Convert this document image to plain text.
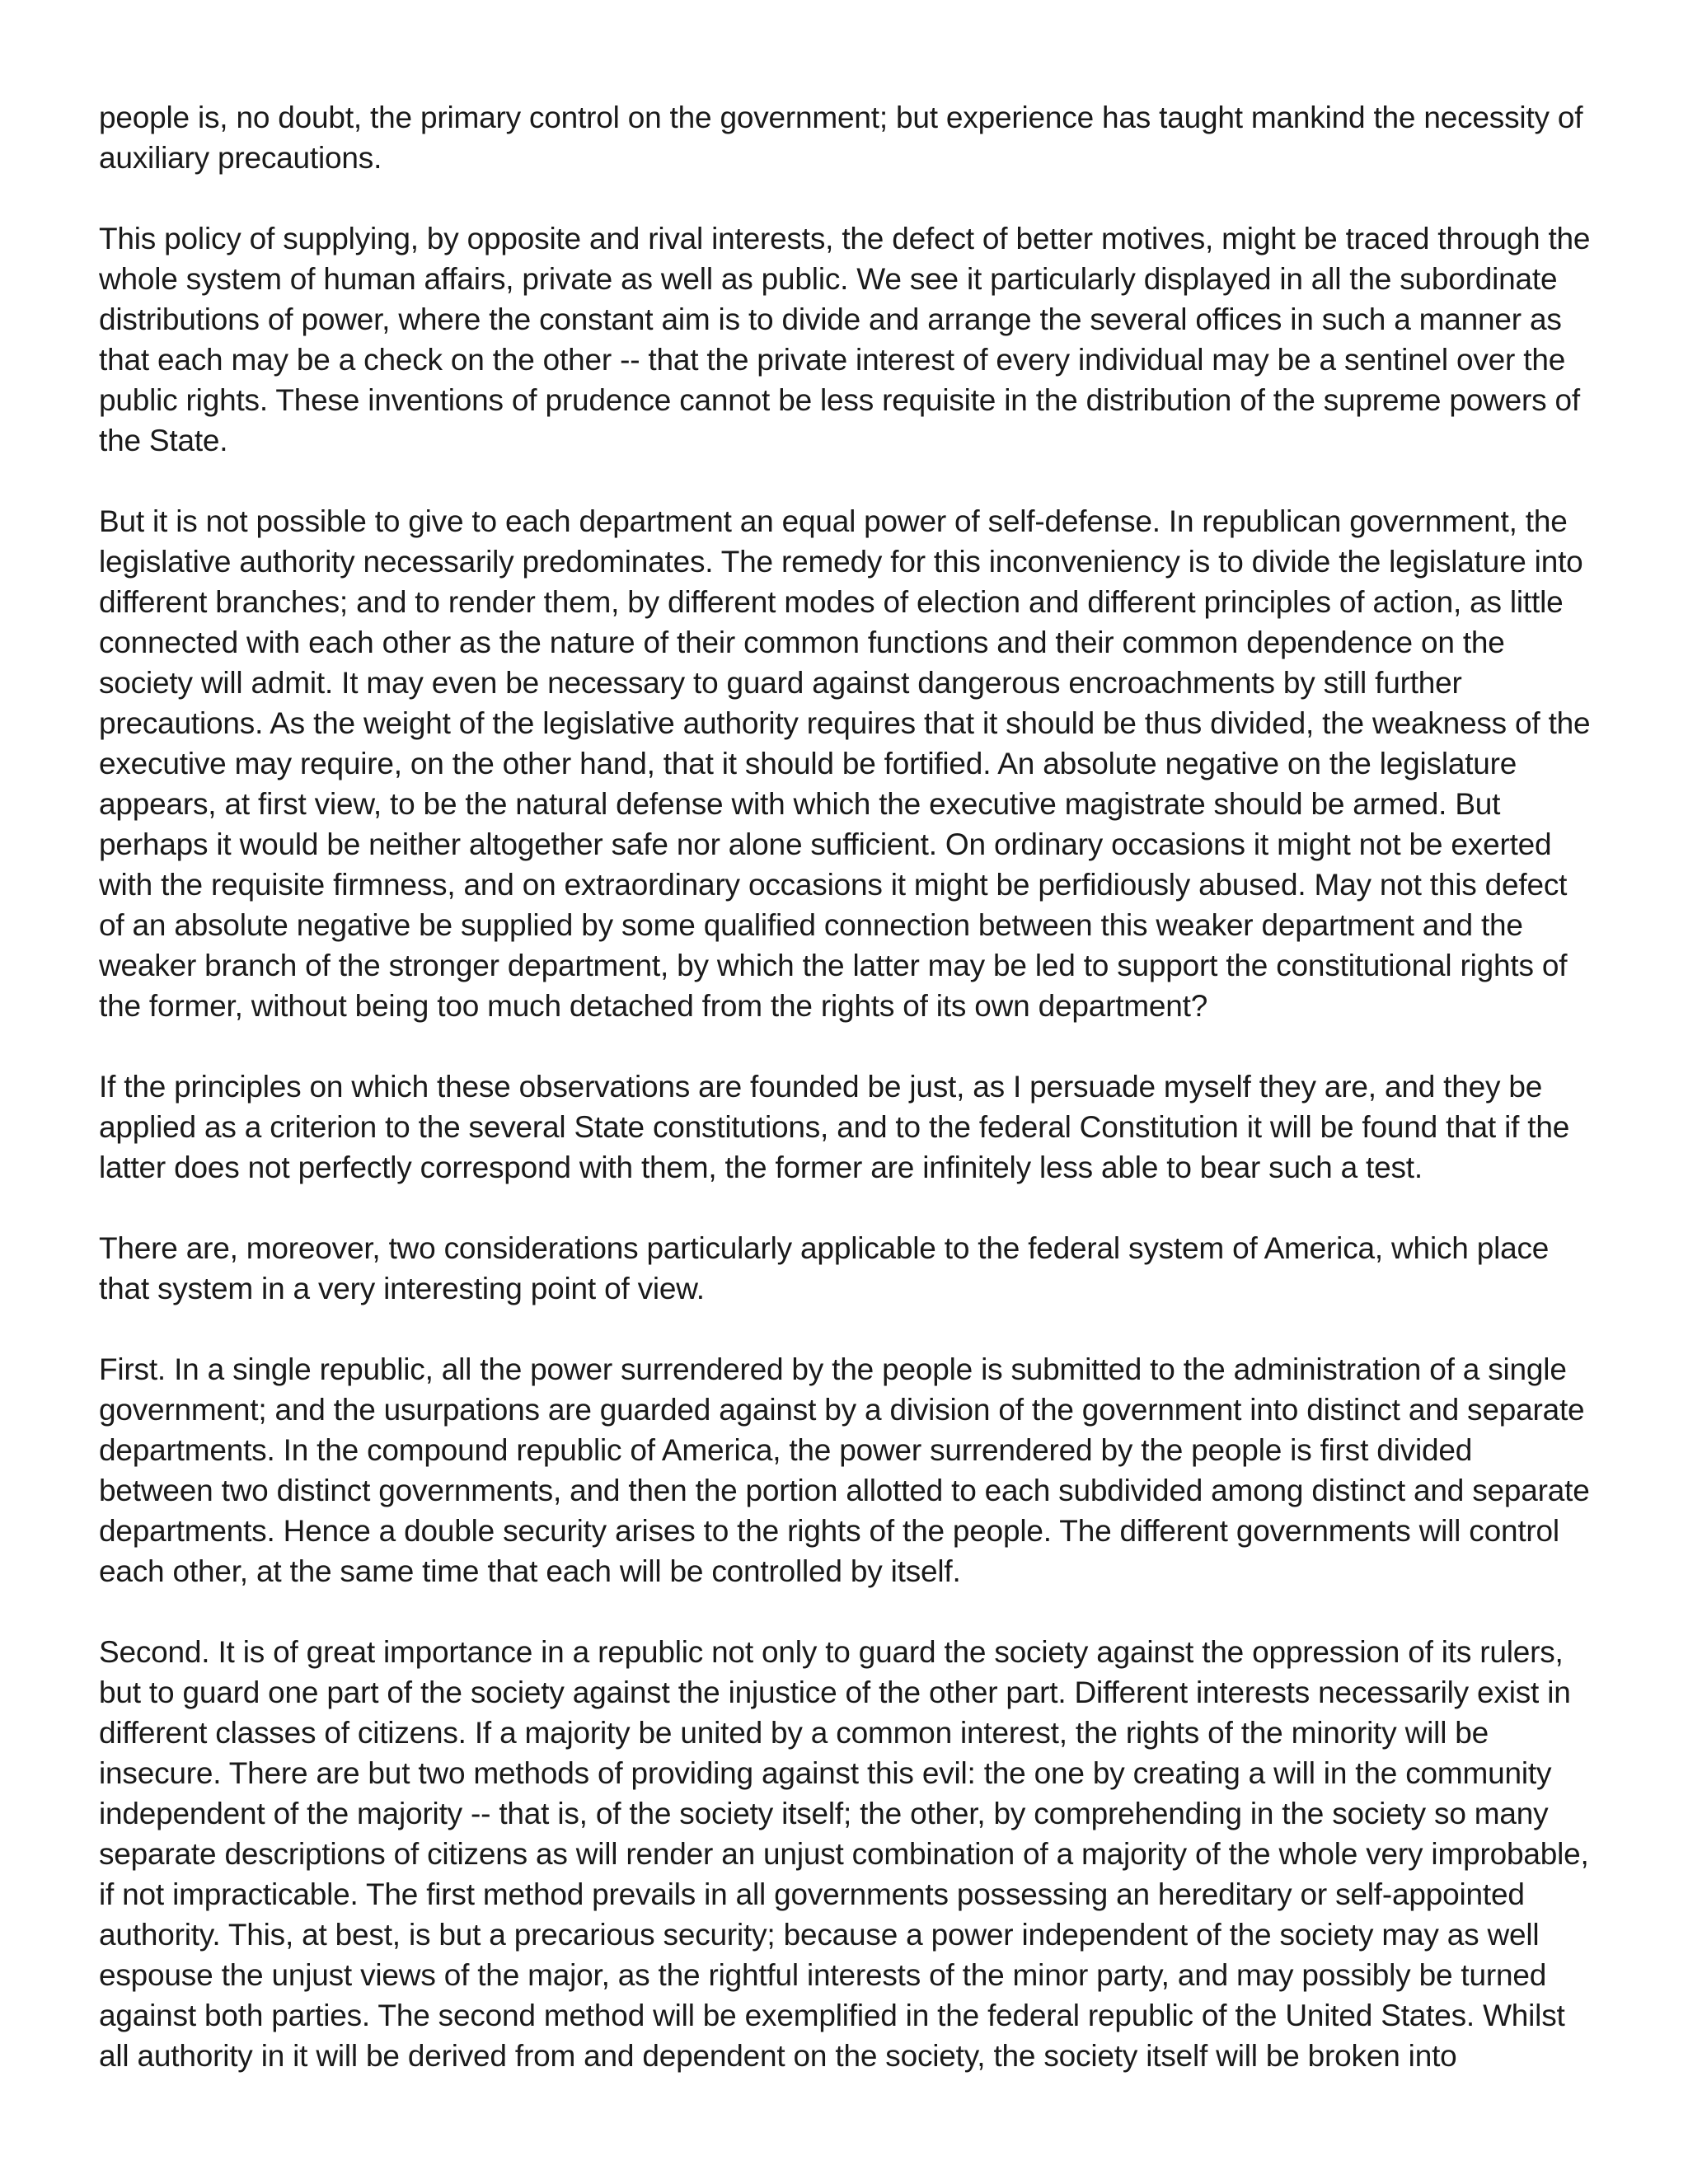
people is, no doubt, the primary control on the government; but experience has taught mankind the necessity of auxiliary precautions.

This policy of supplying, by opposite and rival interests, the defect of better motives, might be traced through the whole system of human affairs, private as well as public. We see it particularly displayed in all the subordinate distributions of power, where the constant aim is to divide and arrange the several offices in such a manner as that each may be a check on the other -- that the private interest of every individual may be a sentinel over the public rights. These inventions of prudence cannot be less requisite in the distribution of the supreme powers of the State.

But it is not possible to give to each department an equal power of self-defense. In republican government, the legislative authority necessarily predominates. The remedy for this inconveniency is to divide the legislature into different branches; and to render them, by different modes of election and different principles of action, as little connected with each other as the nature of their common functions and their common dependence on the society will admit. It may even be necessary to guard against dangerous encroachments by still further precautions. As the weight of the legislative authority requires that it should be thus divided, the weakness of the executive may require, on the other hand, that it should be fortified. An absolute negative on the legislature appears, at first view, to be the natural defense with which the executive magistrate should be armed. But perhaps it would be neither altogether safe nor alone sufficient. On ordinary occasions it might not be exerted with the requisite firmness, and on extraordinary occasions it might be perfidiously abused. May not this defect of an absolute negative be supplied by some qualified connection between this weaker department and the weaker branch of the stronger department, by which the latter may be led to support the constitutional rights of the former, without being too much detached from the rights of its own department?

If the principles on which these observations are founded be just, as I persuade myself they are, and they be applied as a criterion to the several State constitutions, and to the federal Constitution it will be found that if the latter does not perfectly correspond with them, the former are infinitely less able to bear such a test.

There are, moreover, two considerations particularly applicable to the federal system of America, which place that system in a very interesting point of view.

First. In a single republic, all the power surrendered by the people is submitted to the administration of a single government; and the usurpations are guarded against by a division of the government into distinct and separate departments. In the compound republic of America, the power surrendered by the people is first divided between two distinct governments, and then the portion allotted to each subdivided among distinct and separate departments. Hence a double security arises to the rights of the people. The different governments will control each other, at the same time that each will be controlled by itself.

Second. It is of great importance in a republic not only to guard the society against the oppression of its rulers, but to guard one part of the society against the injustice of the other part. Different interests necessarily exist in different classes of citizens. If a majority be united by a common interest, the rights of the minority will be insecure. There are but two methods of providing against this evil: the one by creating a will in the community independent of the majority -- that is, of the society itself; the other, by comprehending in the society so many separate descriptions of citizens as will render an unjust combination of a majority of the whole very improbable, if not impracticable. The first method prevails in all governments possessing an hereditary or self-appointed authority. This, at best, is but a precarious security; because a power independent of the society may as well espouse the unjust views of the major, as the rightful interests of the minor party, and may possibly be turned against both parties. The second method will be exemplified in the federal republic of the United States. Whilst all authority in it will be derived from and dependent on the society, the society itself will be broken into
